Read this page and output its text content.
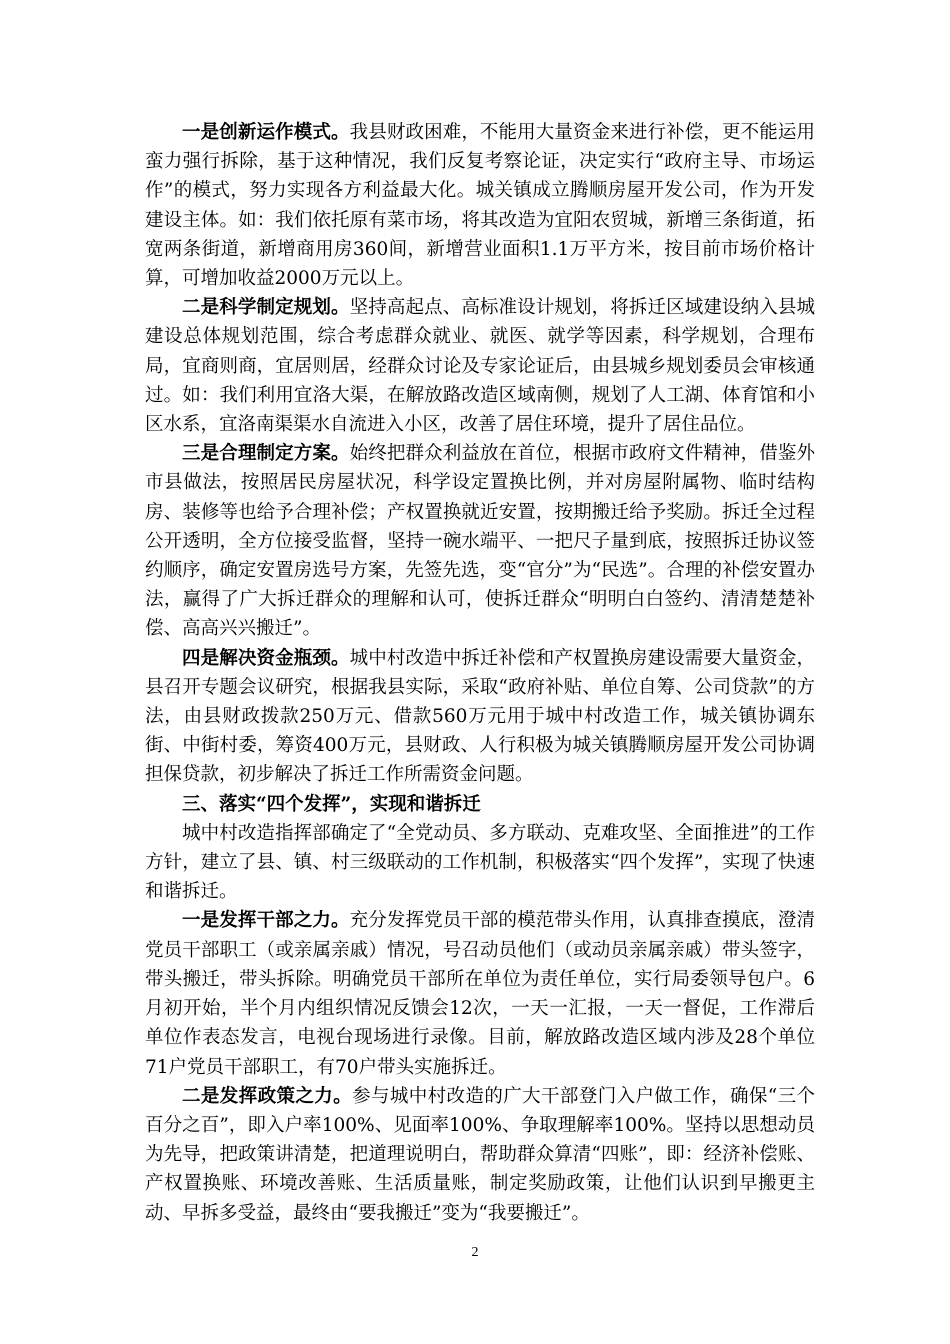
一是创新运作模式。我县财政困难，不能用大量资金来进行补偿，更不能运用蛮力强行拆除，基于这种情况，我们反复考察论证，决定实行“政府主导、市场运作”的模式，努力实现各方利益最大化。城关镇成立腾顺房屋开发公司，作为开发建设主体。如：我们依托原有菜市场，将其改造为宜阳农贸城，新增三条街道，拓宽两条街道，新增商用房360间，新增营业面积1.1万平方米，按目前市场价格计算，可增加收益2000万元以上。

二是科学制定规划。坚持高起点、高标准设计规划，将拆迁区域建设纳入县城建设总体规划范围，综合考虑群众就业、就医、就学等因素，科学规划，合理布局，宜商则商，宜居则居，经群众讨论及专家论证后，由县城乡规划委员会审核通过。如：我们利用宜洛大渠，在解放路改造区域南侧，规划了人工湖、体育馆和小区水系，宜洛南渠渠水自流进入小区，改善了居住环境，提升了居住品位。

三是合理制定方案。始终把群众利益放在首位，根据市政府文件精神，借鉴外市县做法，按照居民房屋状况，科学设定置换比例，并对房屋附属物、临时结构房、装修等也给予合理补偿；产权置换就近安置，按期搬迁给予奖励。拆迁全过程公开透明，全方位接受监督，坚持一碗水端平、一把尺子量到底，按照拆迁协议签约顺序，确定安置房选号方案，先签先选，变“官分”为“民选”。合理的补偿安置办法，赢得了广大拆迁群众的理解和认可，使拆迁群众“明明白白签约、清清楚楚补偿、高高兴兴搬迁”。

四是解决资金瓶颈。城中村改造中拆迁补偿和产权置换房建设需要大量资金，县召开专题会议研究，根据我县实际，采取“政府补贴、单位自筹、公司贷款”的方法，由县财政拨款250万元、借款560万元用于城中村改造工作，城关镇协调东街、中街村委，筹资400万元，县财政、人行积极为城关镇腾顺房屋开发公司协调担保贷款，初步解决了拆迁工作所需资金问题。

三、落实“四个发挥”，实现和谐拆迁

城中村改造指挥部确定了“全党动员、多方联动、克难攻坚、全面推进”的工作方针，建立了县、镇、村三级联动的工作机制，积极落实“四个发挥”，实现了快速和谐拆迁。

一是发挥干部之力。充分发挥党员干部的模范带头作用，认真排查摸底，澄清党员干部职工（或亲属亲戚）情况，号召动员他们（或动员亲属亲戚）带头签字，带头搬迁，带头拆除。明确党员干部所在单位为责任单位，实行局委领导包户。6月初开始，半个月内组织情况反馈会12次，一天一汇报，一天一督促，工作滞后单位作表态发言，电视台现场进行录像。目前，解放路改造区域内涉及28个单位71户党员干部职工，有70户带头实施拆迁。

二是发挥政策之力。参与城中村改造的广大干部登门入户做工作，确保“三个百分之百”，即入户率100%、见面率100%、争取理解率100%。坚持以思想动员为先导，把政策讲清楚，把道理说明白，帮助群众算清“四账”，即：经济补偿账、产权置换账、环境改善账、生活质量账，制定奖励政策，让他们认识到早搬更主动、早拆多受益，最终由“要我搬迁”变为“我要搬迁”。

2
